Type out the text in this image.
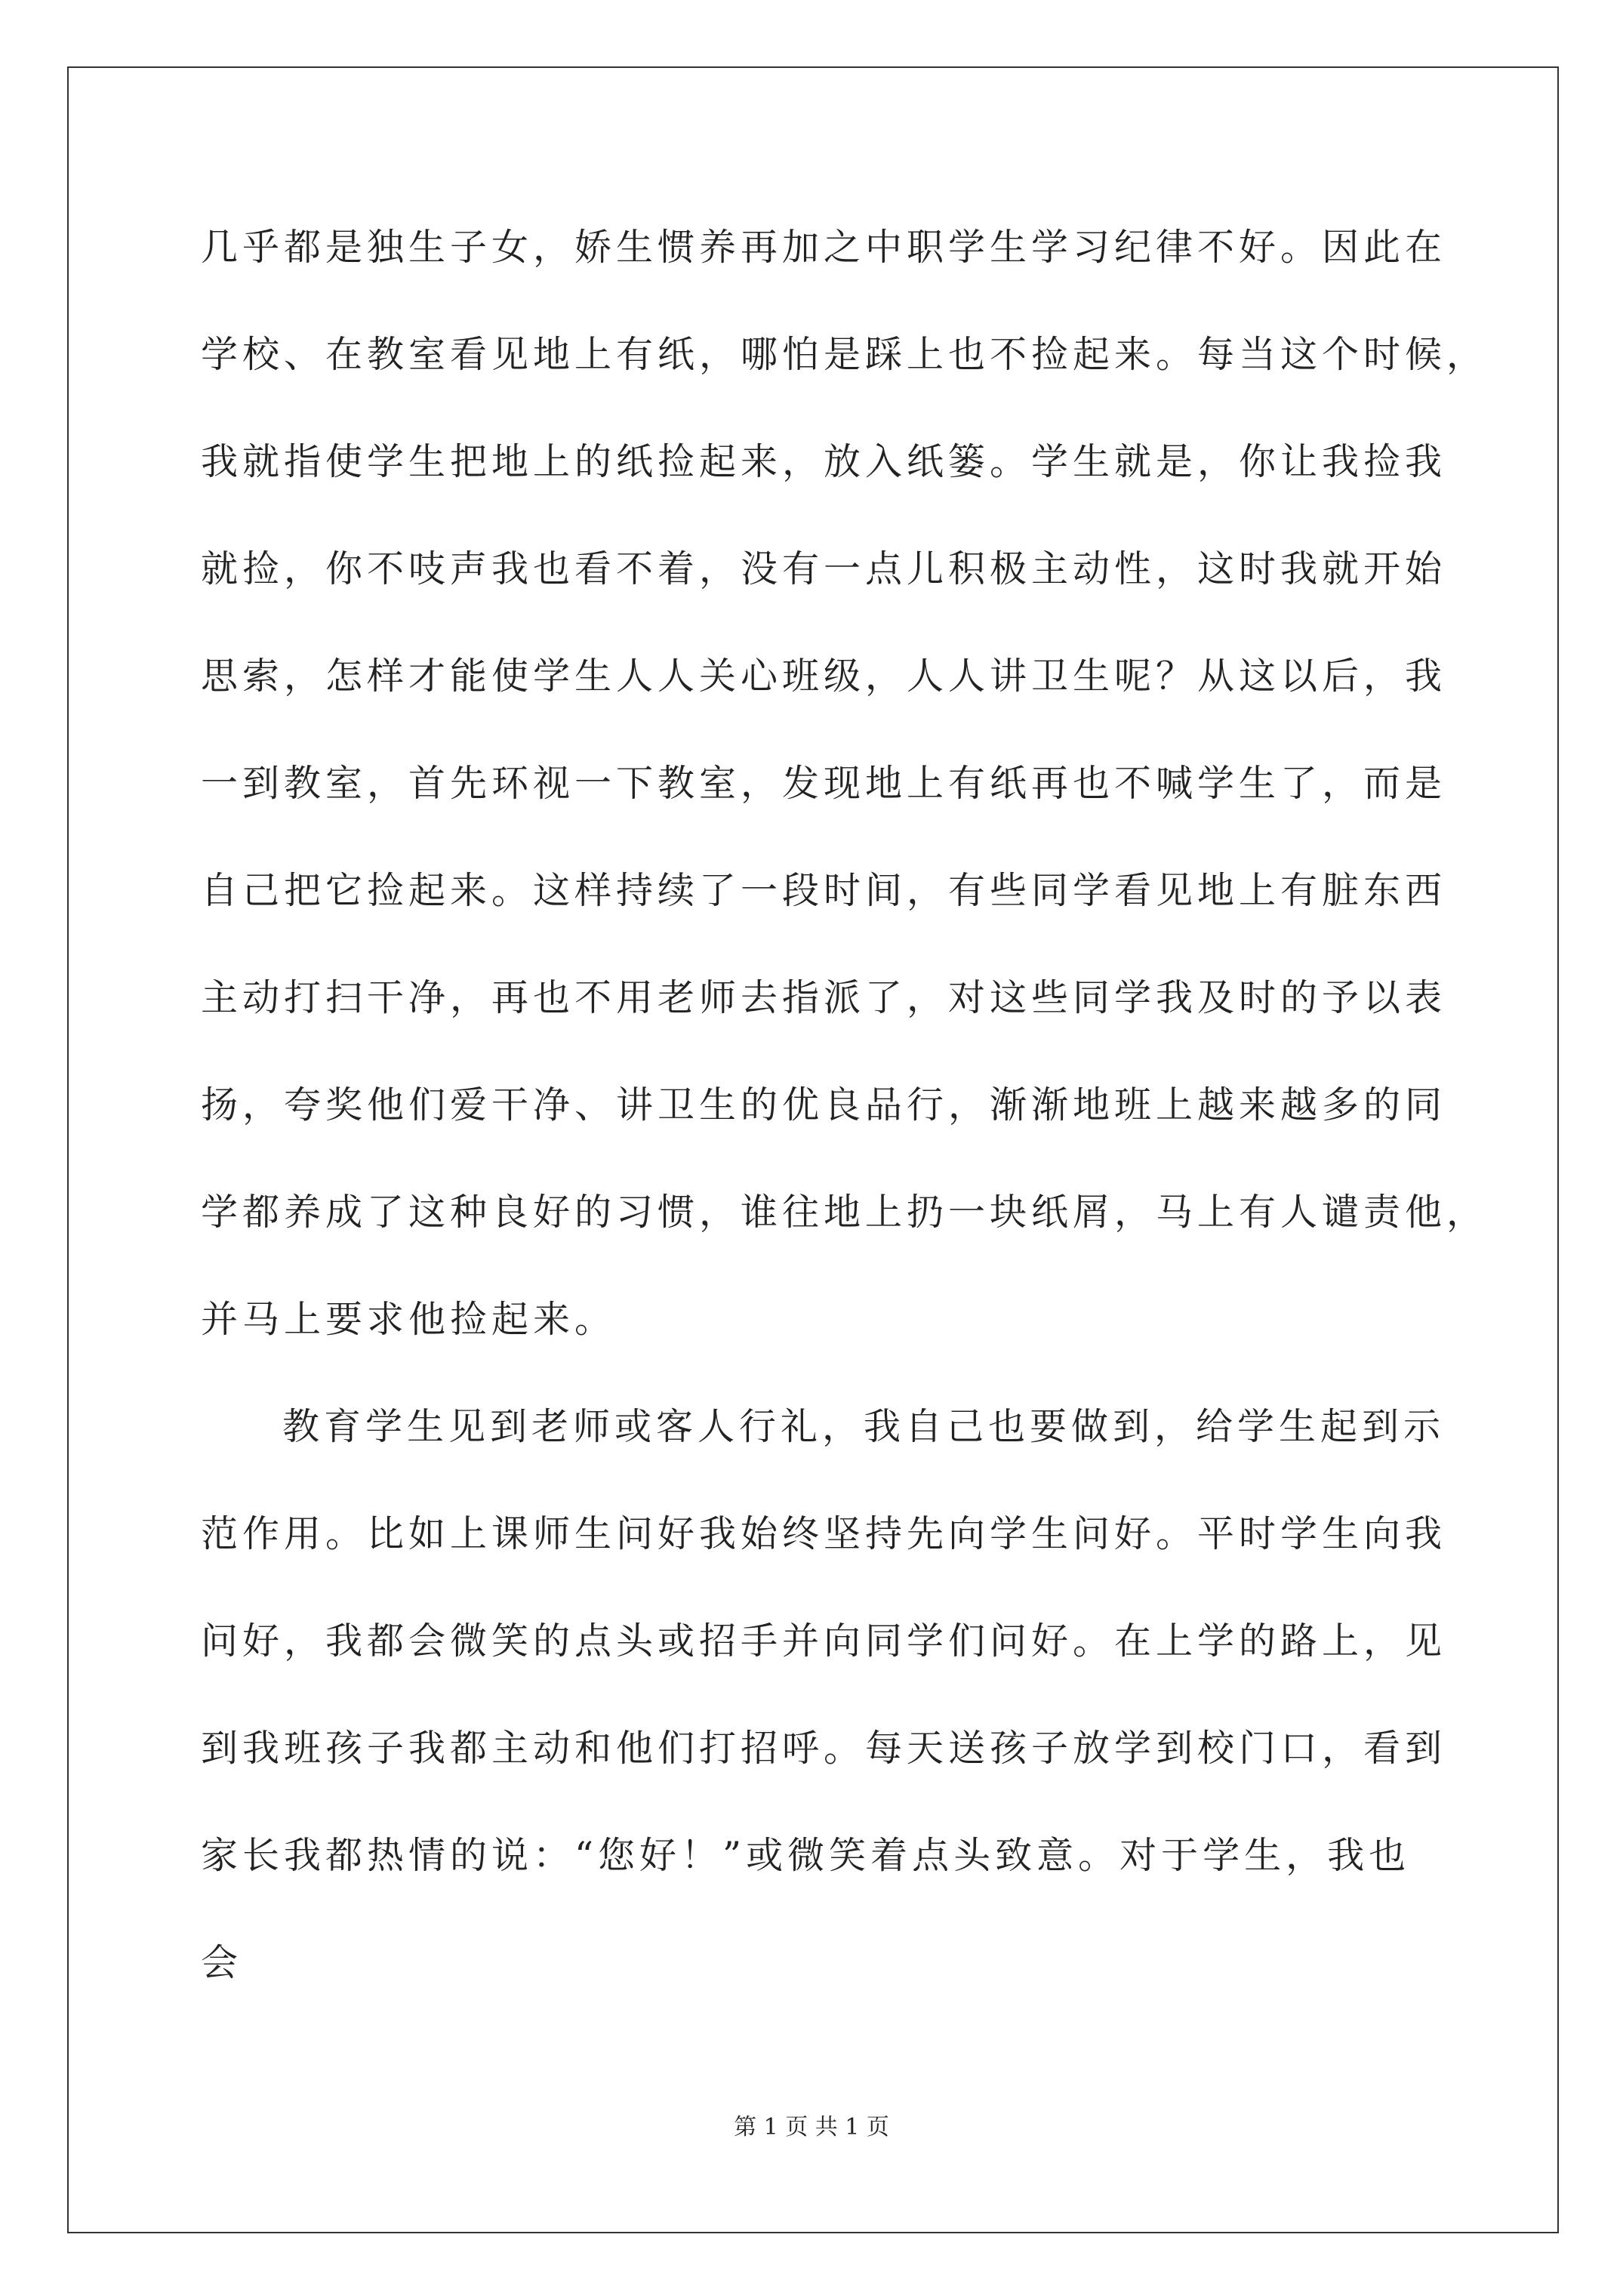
几乎都是独生子女，娇生惯养再加之中职学生学习纪律不好。因此在
学校、在教室看见地上有纸，哪怕是踩上也不捡起来。每当这个时候，
我就指使学生把地上的纸捡起来，放入纸篓。学生就是，你让我捡我
就捡，你不吱声我也看不着，没有一点儿积极主动性，这时我就开始
思索，怎样才能使学生人人关心班级，人人讲卫生呢？从这以后，我
一到教室，首先环视一下教室，发现地上有纸再也不喊学生了，而是
自己把它捡起来。这样持续了一段时间，有些同学看见地上有脏东西
主动打扫干净，再也不用老师去指派了，对这些同学我及时的予以表
扬，夸奖他们爱干净、讲卫生的优良品行，渐渐地班上越来越多的同
学都养成了这种良好的习惯，谁往地上扔一块纸屑，马上有人谴责他，
并马上要求他捡起来。
教育学生见到老师或客人行礼，我自己也要做到，给学生起到示
范作用。比如上课师生问好我始终坚持先向学生问好。平时学生向我
问好，我都会微笑的点头或招手并向同学们问好。在上学的路上，见
到我班孩子我都主动和他们打招呼。每天送孩子放学到校门口，看到
家长我都热情的说：“您好！”或微笑着点头致意。对于学生，我也
会
第 1 页 共 1 页
